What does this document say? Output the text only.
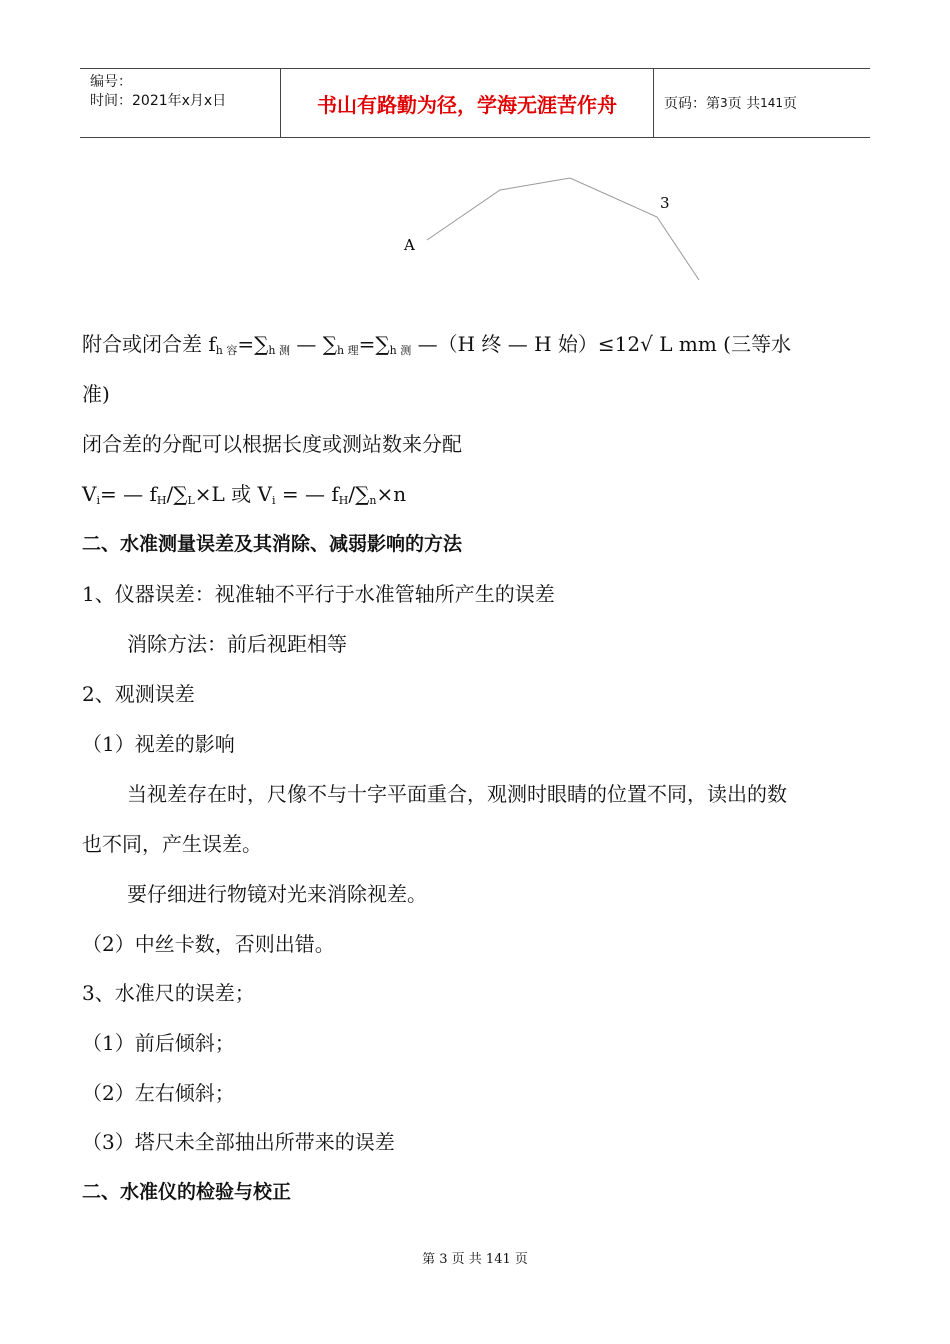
编号：
时间：2021年x月x日	书山有路勤为径，学海无涯苦作舟	页码：第 3 页 共 141 页
A
3
附合或闭合差 $f_{h 容}=\sum_{h 测}$ — $\sum_{h 理}=\sum_{h 测}$ —（H 终 — H 始）≤12√ L mm (三等水
准)
闭合差的分配可以根据长度或测站数来分配
$V_i=$ — $f_H/\sum_L\times L$ 或 $V_i$ = — $f_H/\sum_n\times n$
二、水准测量误差及其消除、减弱影响的方法
1、仪器误差：视准轴不平行于水准管轴所产生的误差
消除方法：前后视距相等
2、观测误差
（1）视差的影响
当视差存在时，尺像不与十字平面重合，观测时眼睛的位置不同，读出的数
也不同，产生误差。
要仔细进行物镜对光来消除视差。
（2）中丝卡数，否则出错。
3、水准尺的误差；
（1）前后倾斜；
（2）左右倾斜；
（3）塔尺未全部抽出所带来的误差
二、水准仪的检验与校正
第 3 页 共 141 页
